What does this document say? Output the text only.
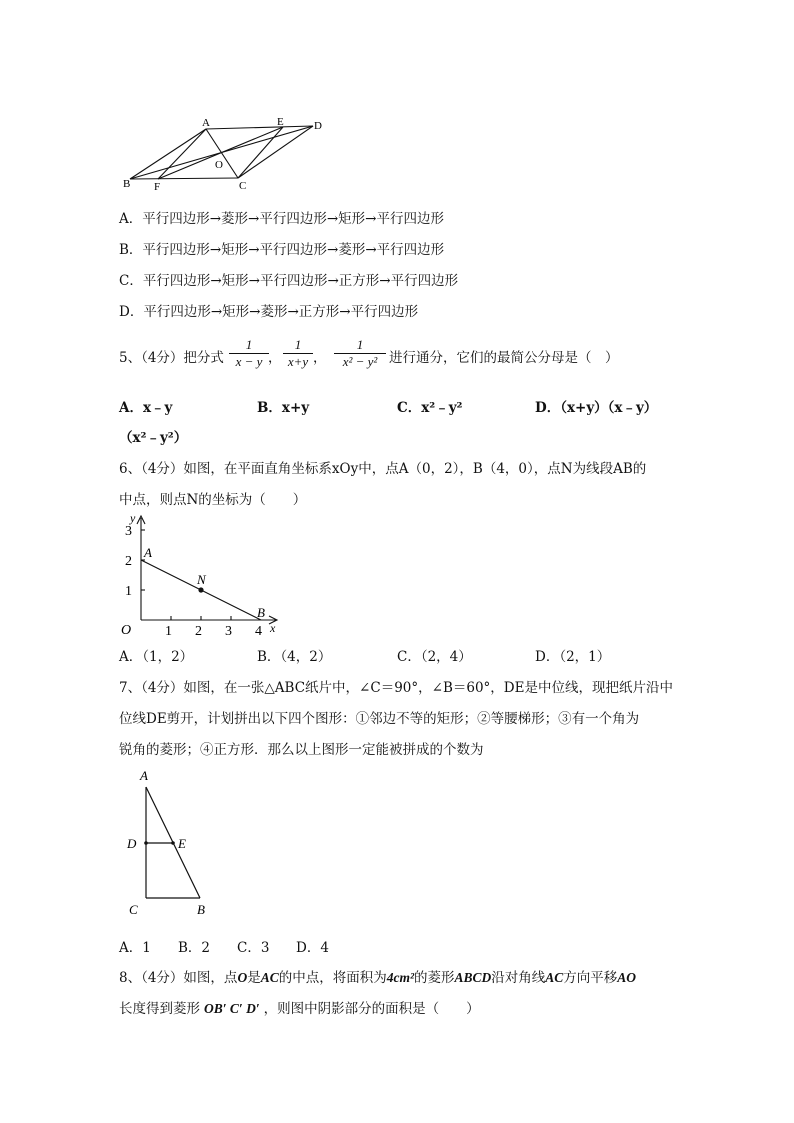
A	E	D
B F
O
C
A．平行四边形→菱形→平行四边形→矩形→平行四边形
B．平行四边形→矩形→平行四边形→菱形→平行四边形
C．平行四边形→矩形→平行四边形→正方形→平行四边形
D．平行四边形→矩形→菱形→正方形→平行四边形
5、（4分）把分式 $\frac{1}{x - y}$ ， $\frac{1}{x+y}$ ， $\frac{1}{\text{x² − y²}}$ 进行通分，它们的最简公分母是（　）
A．x﹣y	B．x+y	C．x²﹣y²	D．（x+y）（x﹣y）
（x²﹣y²）
6、（4分）如图，在平面直角坐标系xOy中，点A（0，2），B（4，0），点N为线段AB的
中点，则点N的坐标为（　　）
y
x
3
2
1
O 1 2 3 4
A
N
B
A．（1，2）	B．（4，2）	C．（2，4）	D．（2，1）
7、（4分）如图，在一张△ABC纸片中，∠C＝90°，∠B＝60°，DE是中位线，现把纸片沿中
位线DE剪开，计划拼出以下四个图形：①邻边不等的矩形；②等腰梯形；③有一个角为
锐角的菱形；④正方形．那么以上图形一定能被拼成的个数为
A
D	E
C	B
A．1 B．2 C．3 D．4
8、（4分）如图，点O是AC的中点，将面积为4cm²的菱形ABCD沿对角线AC方向平移AO
长度得到菱形 OB′ C′ D′ ，则图中阴影部分的面积是（　　）
